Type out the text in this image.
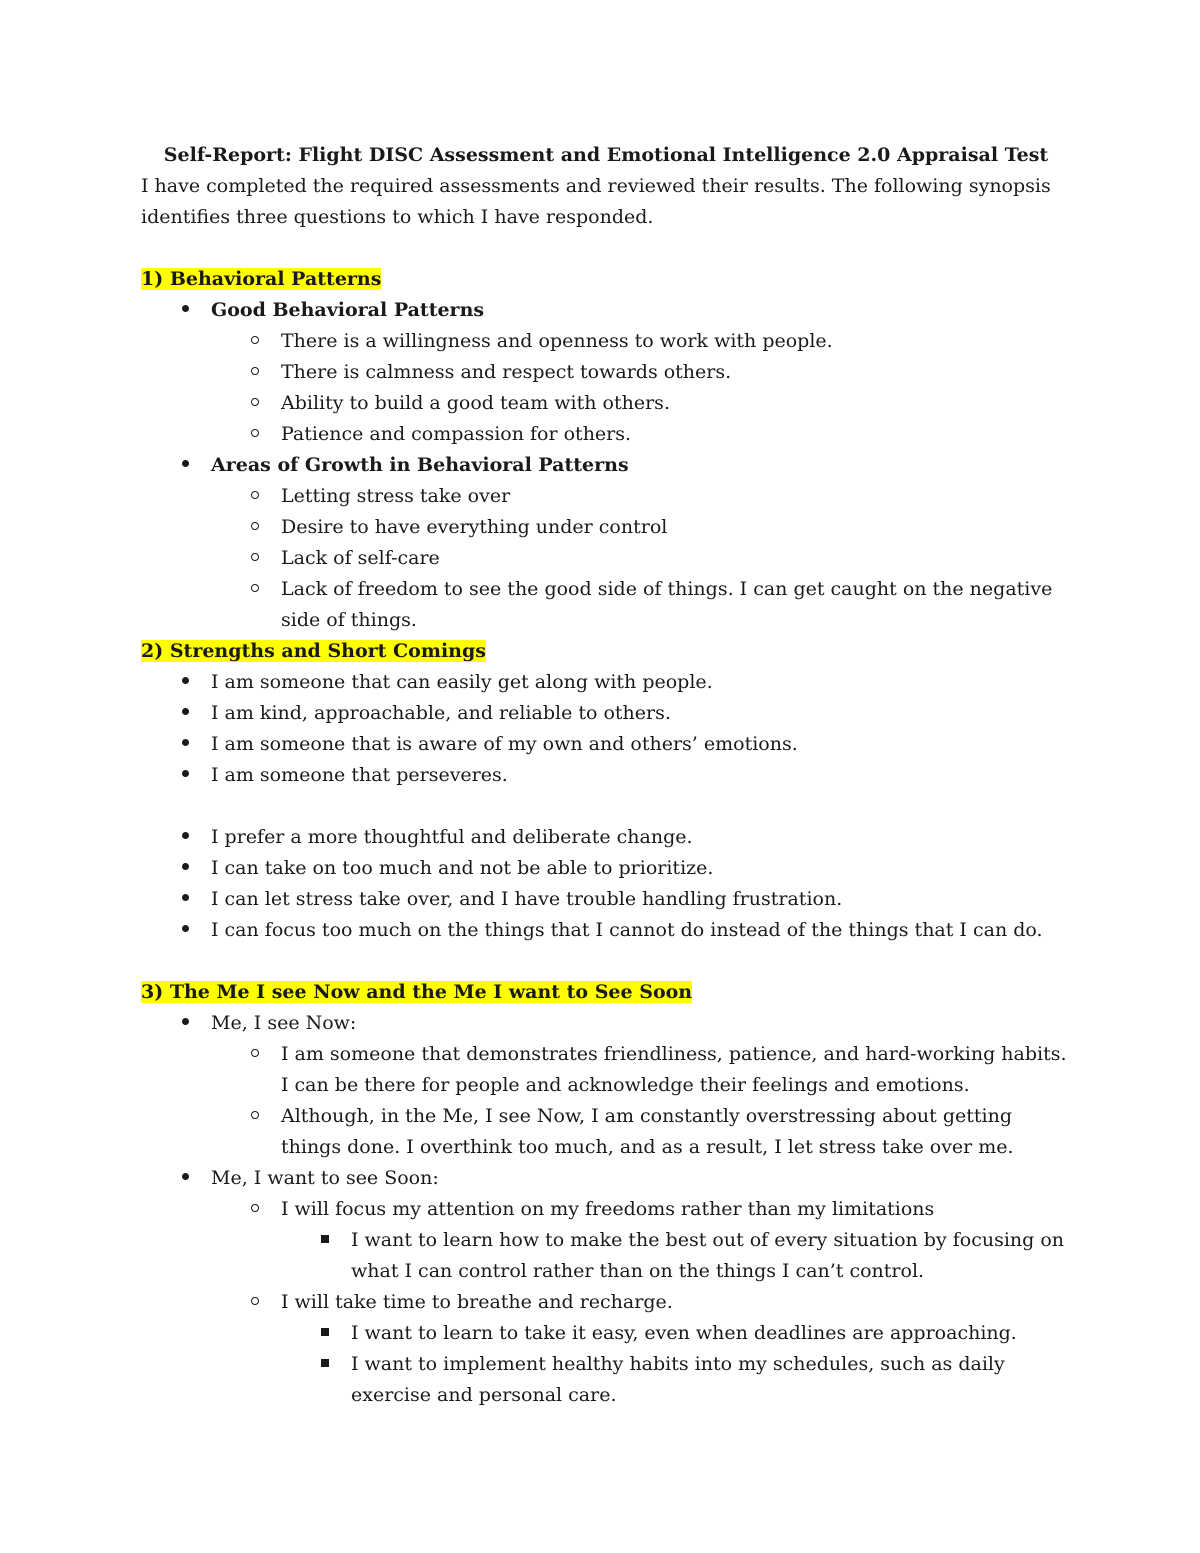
Self-Report: Flight DISC Assessment and Emotional Intelligence 2.0 Appraisal Test

I have completed the required assessments and reviewed their results. The following synopsis identifies three questions to which I have responded.

1) Behavioral Patterns

Good Behavioral Patterns
There is a willingness and openness to work with people.
There is calmness and respect towards others.
Ability to build a good team with others.
Patience and compassion for others.
Areas of Growth in Behavioral Patterns
Letting stress take over
Desire to have everything under control
Lack of self-care
Lack of freedom to see the good side of things. I can get caught on the negative side of things.

2) Strengths and Short Comings

I am someone that can easily get along with people.
I am kind, approachable, and reliable to others.
I am someone that is aware of my own and others’ emotions.
I am someone that perseveres.
I prefer a more thoughtful and deliberate change.
I can take on too much and not be able to prioritize.
I can let stress take over, and I have trouble handling frustration.
I can focus too much on the things that I cannot do instead of the things that I can do.

3) The Me I see Now and the Me I want to See Soon

Me, I see Now:
I am someone that demonstrates friendliness, patience, and hard-working habits. I can be there for people and acknowledge their feelings and emotions.
Although, in the Me, I see Now, I am constantly overstressing about getting things done. I overthink too much, and as a result, I let stress take over me.
Me, I want to see Soon:
I will focus my attention on my freedoms rather than my limitations
I want to learn how to make the best out of every situation by focusing on what I can control rather than on the things I can’t control.
I will take time to breathe and recharge.
I want to learn to take it easy, even when deadlines are approaching.
I want to implement healthy habits into my schedules, such as daily exercise and personal care.
